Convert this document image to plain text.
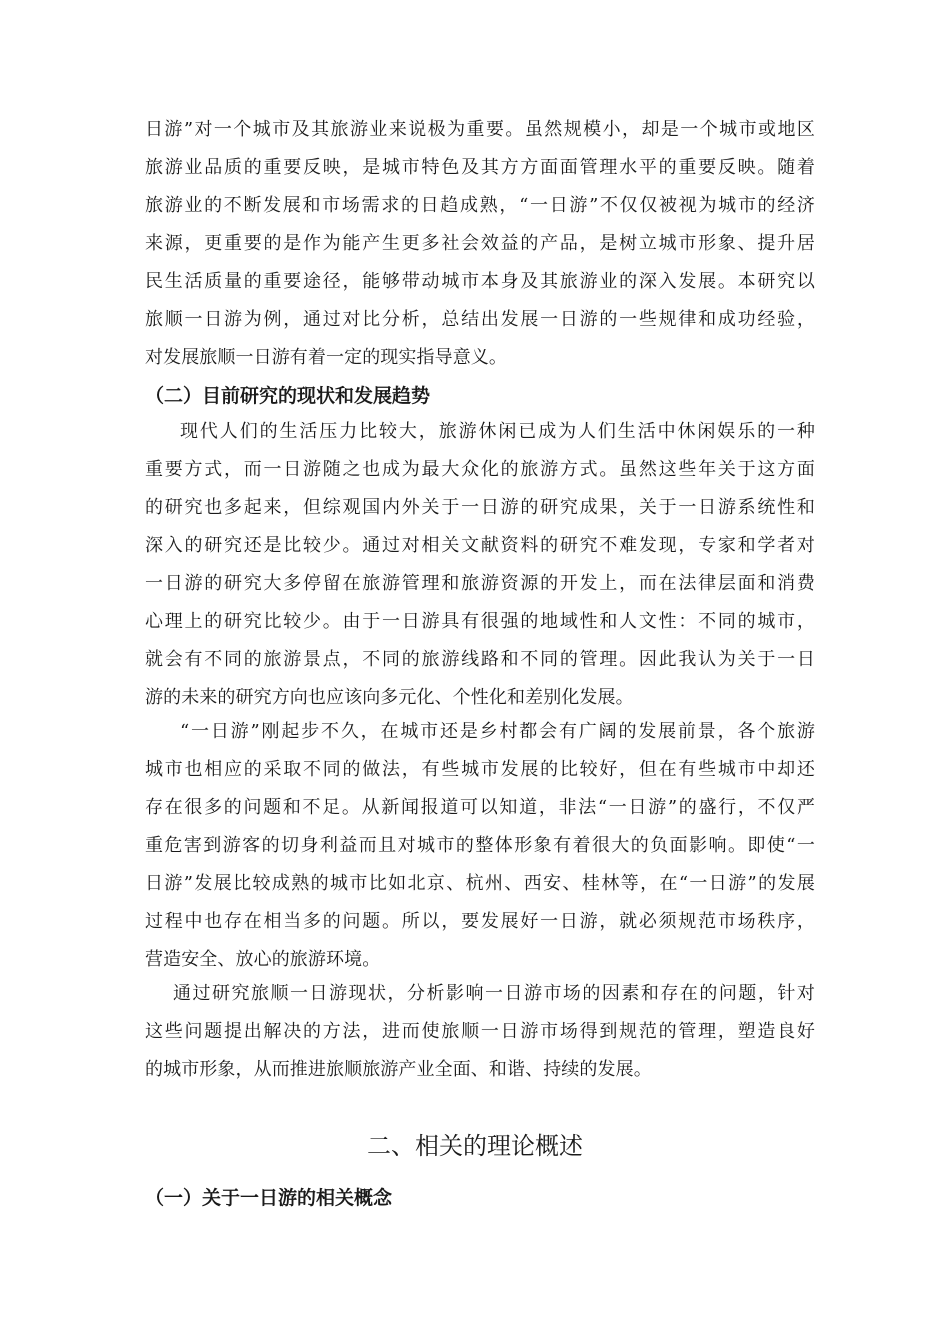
日游”对一个城市及其旅游业来说极为重要。虽然规模小，却是一个城市或地区
旅游业品质的重要反映，是城市特色及其方方面面管理水平的重要反映。随着
旅游业的不断发展和市场需求的日趋成熟，“一日游”不仅仅被视为城市的经济
来源，更重要的是作为能产生更多社会效益的产品，是树立城市形象、提升居
民生活质量的重要途径，能够带动城市本身及其旅游业的深入发展。本研究以
旅顺一日游为例，通过对比分析，总结出发展一日游的一些规律和成功经验，
对发展旅顺一日游有着一定的现实指导意义。
（二）目前研究的现状和发展趋势
现代人们的生活压力比较大，旅游休闲已成为人们生活中休闲娱乐的一种
重要方式，而一日游随之也成为最大众化的旅游方式。虽然这些年关于这方面
的研究也多起来，但综观国内外关于一日游的研究成果，关于一日游系统性和
深入的研究还是比较少。通过对相关文献资料的研究不难发现，专家和学者对
一日游的研究大多停留在旅游管理和旅游资源的开发上，而在法律层面和消费
心理上的研究比较少。由于一日游具有很强的地域性和人文性：不同的城市，
就会有不同的旅游景点，不同的旅游线路和不同的管理。因此我认为关于一日
游的未来的研究方向也应该向多元化、个性化和差别化发展。
“一日游”刚起步不久，在城市还是乡村都会有广阔的发展前景，各个旅游
城市也相应的采取不同的做法，有些城市发展的比较好，但在有些城市中却还
存在很多的问题和不足。从新闻报道可以知道，非法“一日游”的盛行，不仅严
重危害到游客的切身利益而且对城市的整体形象有着很大的负面影响。即使“一
日游”发展比较成熟的城市比如北京、杭州、西安、桂林等，在“一日游”的发展
过程中也存在相当多的问题。所以，要发展好一日游，就必须规范市场秩序，
营造安全、放心的旅游环境。
通过研究旅顺一日游现状，分析影响一日游市场的因素和存在的问题，针对
这些问题提出解决的方法，进而使旅顺一日游市场得到规范的管理，塑造良好
的城市形象，从而推进旅顺旅游产业全面、和谐、持续的发展。
二、相关的理论概述
（一）关于一日游的相关概念
